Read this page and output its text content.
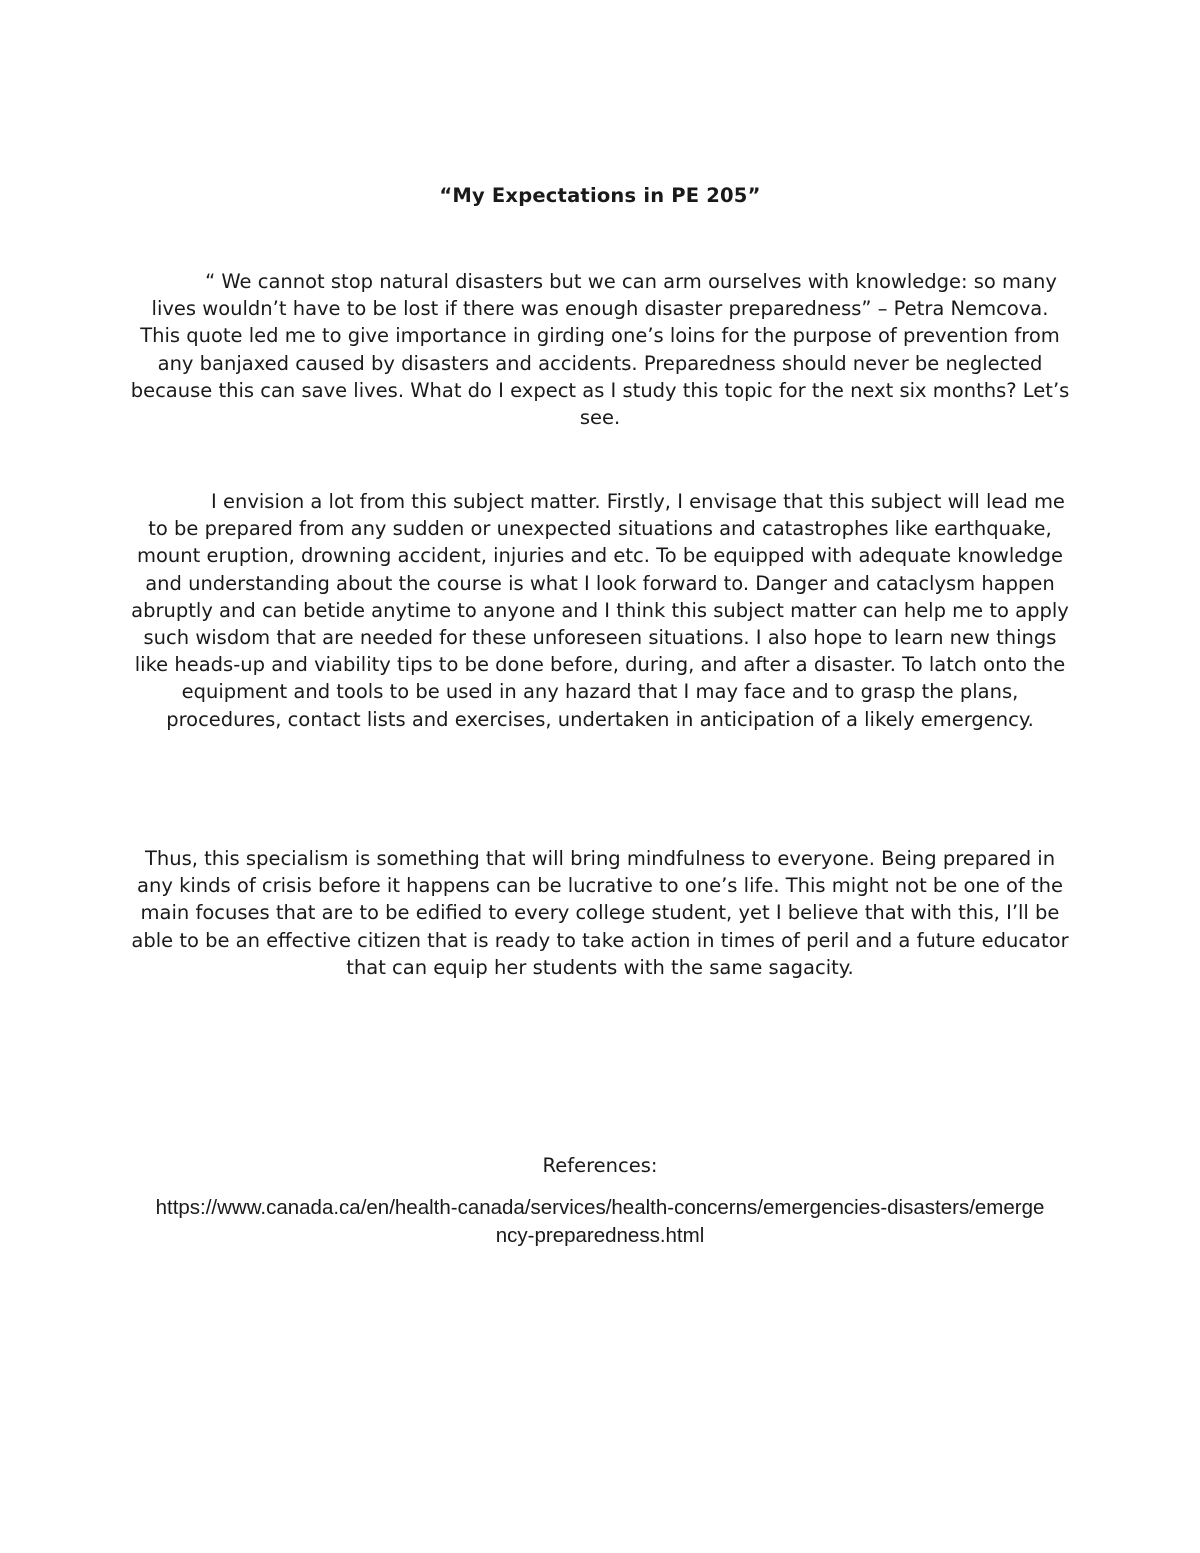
“My Expectations in PE 205”

“ We cannot stop natural disasters but we can arm ourselves with knowledge: so many lives wouldn’t have to be lost if there was enough disaster preparedness” – Petra Nemcova. This quote led me to give importance in girding one’s loins for the purpose of prevention from any banjaxed caused by disasters and accidents. Preparedness should never be neglected because this can save lives. What do I expect as I study this topic for the next six months? Let’s see.

I envision a lot from this subject matter. Firstly, I envisage that this subject will lead me to be prepared from any sudden or unexpected situations and catastrophes like earthquake, mount eruption, drowning accident, injuries and etc. To be equipped with adequate knowledge and understanding about the course is what I look forward to. Danger and cataclysm happen abruptly and can betide anytime to anyone and I think this subject matter can help me to apply such wisdom that are needed for these unforeseen situations. I also hope to learn new things like heads-up and viability tips to be done before, during, and after a disaster. To latch onto the equipment and tools to be used in any hazard that I may face and to grasp the plans, procedures, contact lists and exercises, undertaken in anticipation of a likely emergency.

Thus, this specialism is something that will bring mindfulness to everyone. Being prepared in any kinds of crisis before it happens can be lucrative to one’s life. This might not be one of the main focuses that are to be edified to every college student, yet I believe that with this, I’ll be able to be an effective citizen that is ready to take action in times of peril and a future educator that can equip her students with the same sagacity.

References:
https://www.canada.ca/en/health-canada/services/health-concerns/emergencies-disasters/emergency-preparedness.html
